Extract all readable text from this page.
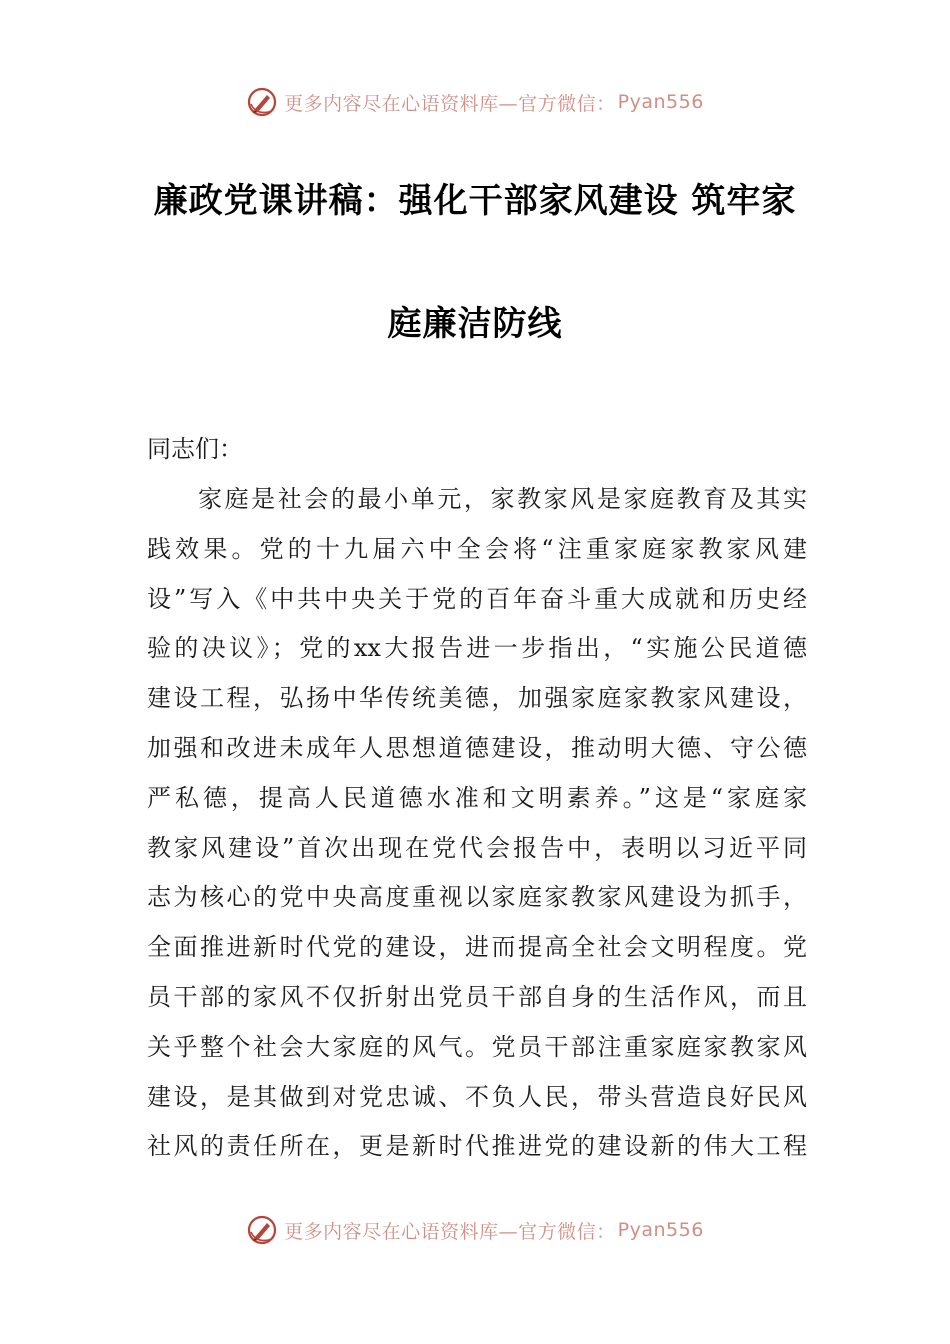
更多内容尽在心语资料库—官方微信： Pyan556
廉政党课讲稿：强化干部家风建设 筑牢家
庭廉洁防线
同志们：
家庭是社会的最小单元，家教家风是家庭教育及其实
践效果。党的十九届六中全会将“注重家庭家教家风建
设”写入《中共中央关于党的百年奋斗重大成就和历史经
验的决议》；党的xx大报告进一步指出，“实施公民道德
建设工程，弘扬中华传统美德，加强家庭家教家风建设，
加强和改进未成年人思想道德建设，推动明大德、守公德
严私德，提高人民道德水准和文明素养。”这是“家庭家
教家风建设”首次出现在党代会报告中，表明以习近平同
志为核心的党中央高度重视以家庭家教家风建设为抓手，
全面推进新时代党的建设，进而提高全社会文明程度。党
员干部的家风不仅折射出党员干部自身的生活作风，而且
关乎整个社会大家庭的风气。党员干部注重家庭家教家风
建设，是其做到对党忠诚、不负人民，带头营造良好民风
社风的责任所在，更是新时代推进党的建设新的伟大工程
更多内容尽在心语资料库—官方微信： Pyan556
